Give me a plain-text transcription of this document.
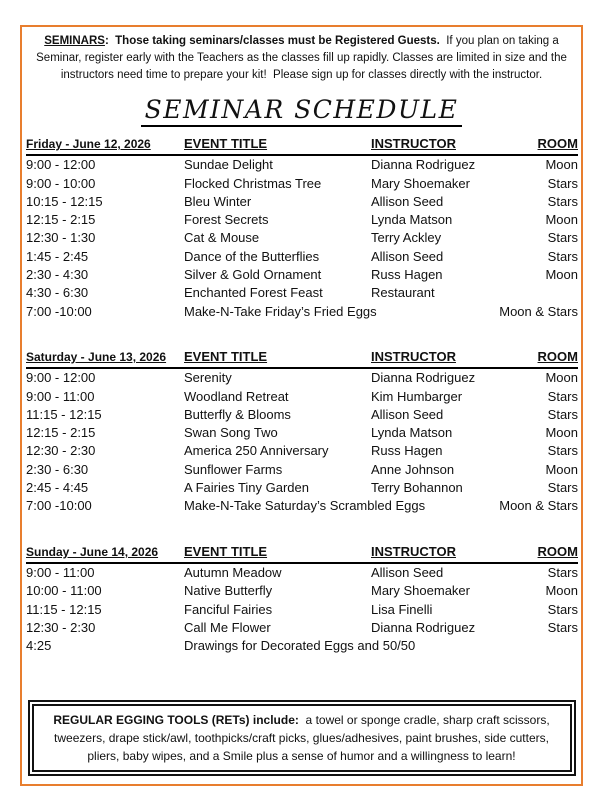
SEMINARS:  Those taking seminars/classes must be Registered Guests.  If you plan on taking a Seminar, register early with the Teachers as the classes fill up rapidly. Classes are limited in size and the instructors need time to prepare your kit!  Please sign up for classes directly with the instructor.

SEMINAR SCHEDULE
Friday - June 12, 2026	EVENT TITLE	INSTRUCTOR	ROOM
9:00 - 12:00	Sundae Delight	Dianna Rodriguez	Moon
9:00 - 10:00	Flocked Christmas Tree	Mary Shoemaker	Stars
10:15 - 12:15	Bleu Winter	Allison Seed	Stars
12:15 - 2:15	Forest Secrets	Lynda Matson	Moon
12:30 - 1:30	Cat & Mouse	Terry Ackley	Stars
1:45 - 2:45	Dance of the Butterflies	Allison Seed	Stars
2:30 - 4:30	Silver & Gold Ornament	Russ Hagen	Moon
4:30 - 6:30	Enchanted Forest Feast	Restaurant
7:00 -10:00	Make-N-Take Friday’s Fried Eggs	Moon & Stars
Saturday - June 13, 2026	EVENT TITLE	INSTRUCTOR	ROOM
9:00 - 12:00	Serenity	Dianna Rodriguez	Moon
9:00 - 11:00	Woodland Retreat	Kim Humbarger	Stars
11:15 - 12:15	Butterfly & Blooms	Allison Seed	Stars
12:15 - 2:15	Swan Song Two	Lynda Matson	Moon
12:30 - 2:30	America 250 Anniversary	Russ Hagen	Stars
2:30 - 6:30	Sunflower Farms	Anne Johnson	Moon
2:45 - 4:45	A Fairies Tiny Garden	Terry Bohannon	Stars
7:00 -10:00	Make-N-Take Saturday’s Scrambled Eggs	Moon & Stars
Sunday - June 14, 2026	EVENT TITLE	INSTRUCTOR	ROOM
9:00 - 11:00	Autumn Meadow	Allison Seed	Stars
10:00 - 11:00	Native Butterfly	Mary Shoemaker	Moon
11:15 - 12:15	Fanciful Fairies	Lisa Finelli	Stars
12:30 - 2:30	Call Me Flower	Dianna Rodriguez	Stars
4:25	Drawings for Decorated Eggs and 50/50
REGULAR EGGING TOOLS (RETs) include:  a towel or sponge cradle, sharp craft scissors, tweezers, drape stick/awl, toothpicks/craft picks, glues/adhesives, paint brushes, side cutters, pliers, baby wipes, and a Smile plus a sense of humor and a willingness to learn!
